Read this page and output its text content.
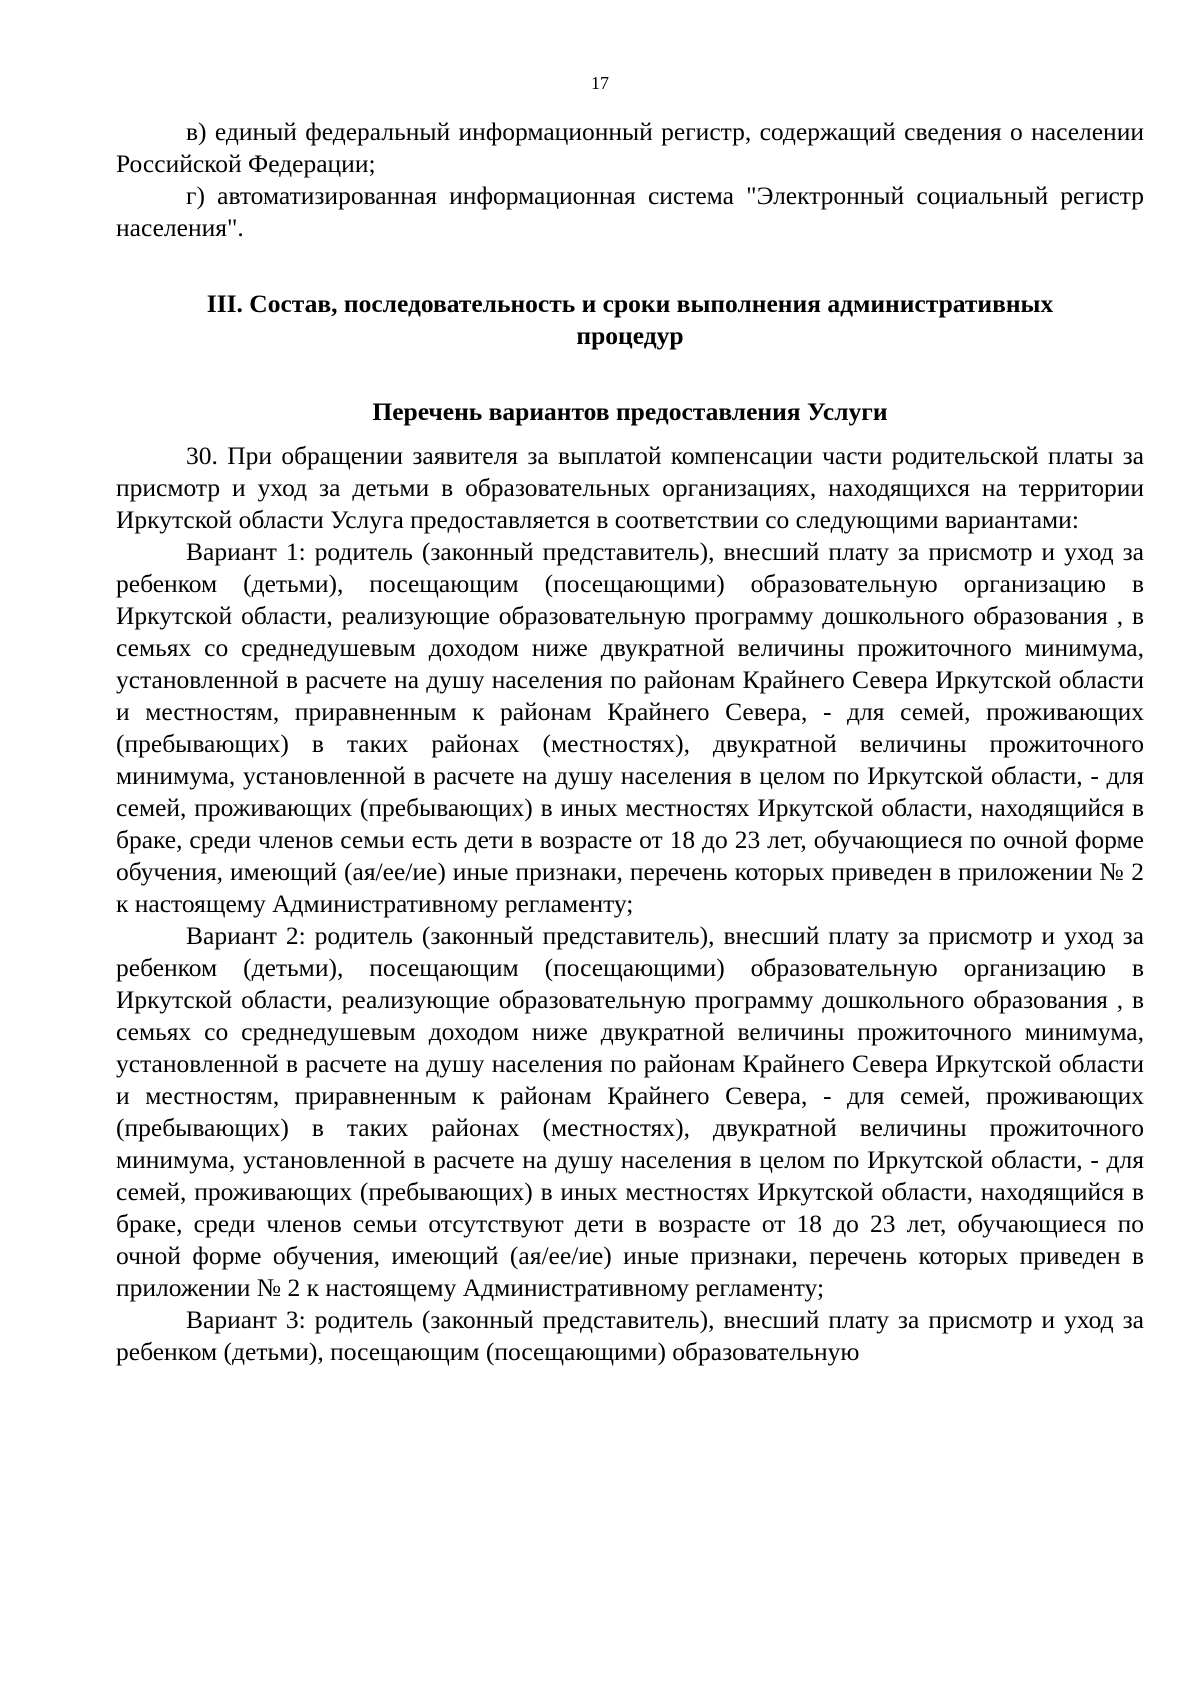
17

в) единый федеральный информационный регистр, содержащий сведения о населении Российской Федерации;

г) автоматизированная информационная система "Электронный социальный регистр населения".

III. Состав, последовательность и сроки выполнения административных процедур

Перечень вариантов предоставления Услуги

30. При обращении заявителя за выплатой компенсации части родительской платы за присмотр и уход за детьми в образовательных организациях, находящихся на территории Иркутской области Услуга предоставляется в соответствии со следующими вариантами:

Вариант 1: родитель (законный представитель), внесший плату за присмотр и уход за ребенком (детьми), посещающим (посещающими) образовательную организацию в Иркутской области, реализующие образовательную программу дошкольного образования , в семьях со среднедушевым доходом ниже двукратной величины прожиточного минимума, установленной в расчете на душу населения по районам Крайнего Севера Иркутской области и местностям, приравненным к районам Крайнего Севера, - для семей, проживающих (пребывающих) в таких районах (местностях), двукратной величины прожиточного минимума, установленной в расчете на душу населения в целом по Иркутской области, - для семей, проживающих (пребывающих) в иных местностях Иркутской области, находящийся в браке, среди членов семьи есть дети в возрасте от 18 до 23 лет, обучающиеся по очной форме обучения, имеющий (ая/ее/ие) иные признаки, перечень которых приведен в приложении № 2 к настоящему Административному регламенту;

Вариант 2: родитель (законный представитель), внесший плату за присмотр и уход за ребенком (детьми), посещающим (посещающими) образовательную организацию в Иркутской области, реализующие образовательную программу дошкольного образования , в семьях со среднедушевым доходом ниже двукратной величины прожиточного минимума, установленной в расчете на душу населения по районам Крайнего Севера Иркутской области и местностям, приравненным к районам Крайнего Севера, - для семей, проживающих (пребывающих) в таких районах (местностях), двукратной величины прожиточного минимума, установленной в расчете на душу населения в целом по Иркутской области, - для семей, проживающих (пребывающих) в иных местностях Иркутской области, находящийся в браке, среди членов семьи отсутствуют дети в возрасте от 18 до 23 лет, обучающиеся по очной форме обучения, имеющий (ая/ее/ие) иные признаки, перечень которых приведен в приложении № 2 к настоящему Административному регламенту;

Вариант 3: родитель (законный представитель), внесший плату за присмотр и уход за ребенком (детьми), посещающим (посещающими) образовательную
